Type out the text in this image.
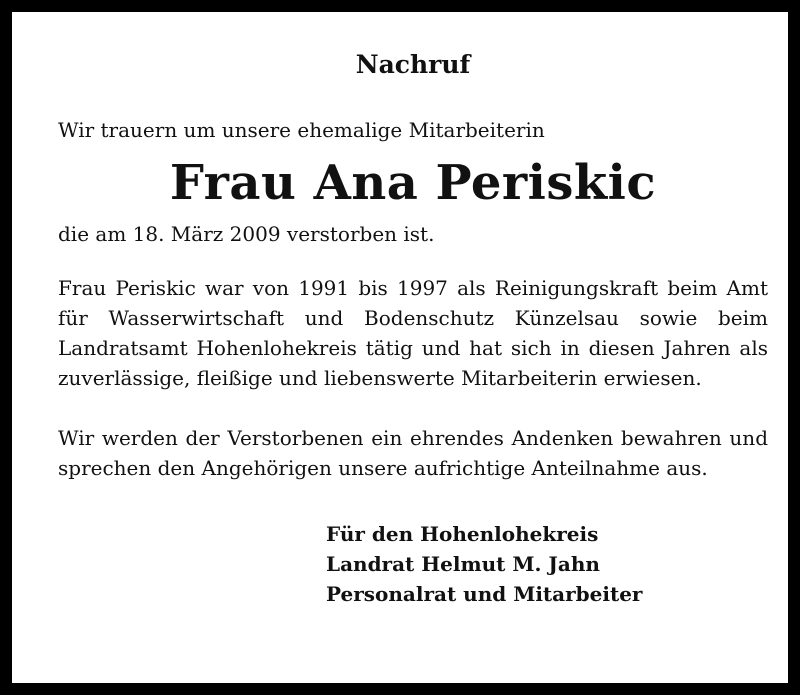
Nachruf

Wir trauern um unsere ehemalige Mitarbeiterin

Frau Ana Periskic

die am 18. März 2009 verstorben ist.

Frau Periskic war von 1991 bis 1997 als Reinigungskraft beim Amt für Wasserwirtschaft und Bodenschutz Künzelsau sowie beim Landratsamt Hohenlohekreis tätig und hat sich in diesen Jahren als zuverlässige, fleißige und liebenswerte Mitarbeiterin erwiesen.

Wir werden der Verstorbenen ein ehrendes Andenken bewahren und sprechen den Angehörigen unsere aufrichtige Anteilnahme aus.

Für den Hohenlohekreis
Landrat Helmut M. Jahn
Personalrat und Mitarbeiter
